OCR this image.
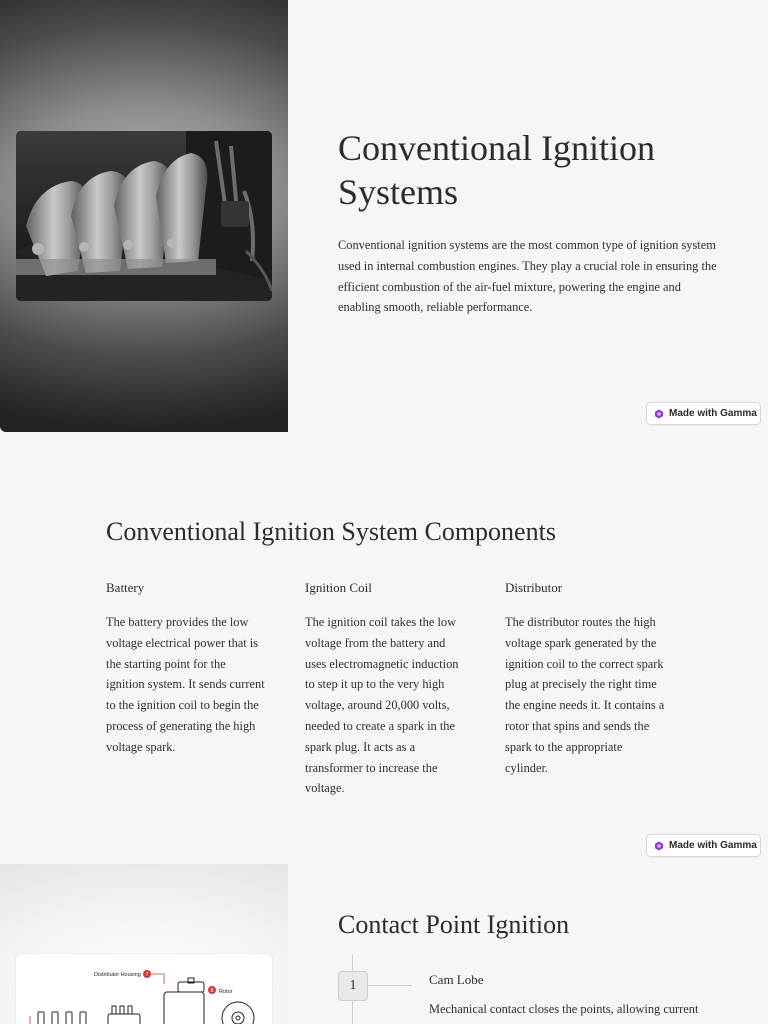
Conventional Ignition Systems

Conventional ignition systems are the most common type of ignition system used in internal combustion engines. They play a crucial role in ensuring the efficient combustion of the air-fuel mixture, powering the engine and enabling smooth, reliable performance.

Made with Gamma
Conventional Ignition System Components
Battery

The battery provides the low voltage electrical power that is the starting point for the ignition system. It sends current to the ignition coil to begin the process of generating the high voltage spark.

Ignition Coil

The ignition coil takes the low voltage from the battery and uses electromagnetic induction to step it up to the very high voltage, around 20,000 volts, needed to create a spark in the spark plug. It acts as a transformer to increase the voltage.

Distributor

The distributor routes the high voltage spark generated by the ignition coil to the correct spark plug at precisely the right time the engine needs it. It contains a rotor that spins and sends the spark to the appropriate cylinder.

Made with Gamma
Distributor Housing 7
8 Rotor
Contact Point Ignition
1	Cam Lobe

Mechanical contact closes the points, allowing current
